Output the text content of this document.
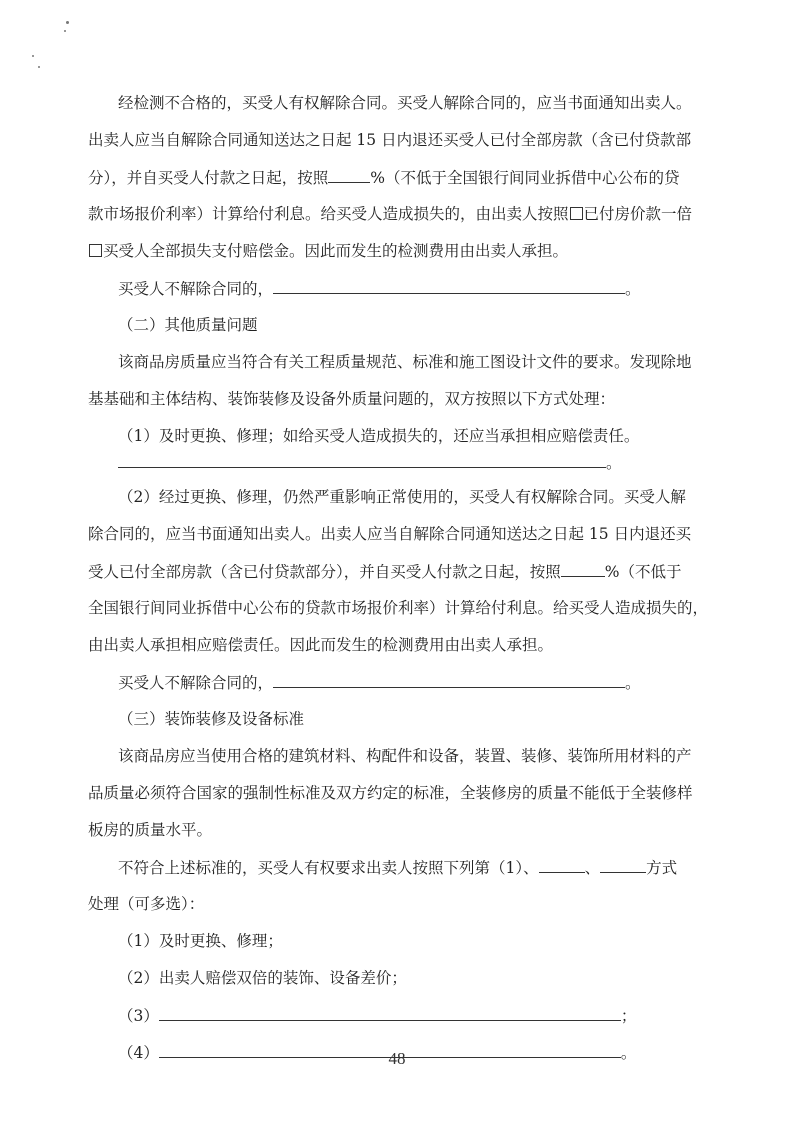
经检测不合格的，买受人有权解除合同。买受人解除合同的，应当书面通知出卖人。
出卖人应当自解除合同通知送达之日起 15 日内退还买受人已付全部房款（含已付贷款部
分），并自买受人付款之日起，按照	%（不低于全国银行间同业拆借中心公布的贷
款市场报价利率）计算给付利息。给买受人造成损失的，由出卖人按照 已付房价款一倍
买受人全部损失支付赔偿金。因此而发生的检测费用由出卖人承担。
买受人不解除合同的，	。
（二）其他质量问题
该商品房质量应当符合有关工程质量规范、标准和施工图设计文件的要求。发现除地
基基础和主体结构、装饰装修及设备外质量问题的，双方按照以下方式处理：
（1）及时更换、修理；如给买受人造成损失的，还应当承担相应赔偿责任。
。
（2）经过更换、修理，仍然严重影响正常使用的，买受人有权解除合同。买受人解
除合同的，应当书面通知出卖人。出卖人应当自解除合同通知送达之日起 15 日内退还买
受人已付全部房款（含已付贷款部分），并自买受人付款之日起，按照	%（不低于
全国银行间同业拆借中心公布的贷款市场报价利率）计算给付利息。给买受人造成损失的，
由出卖人承担相应赔偿责任。因此而发生的检测费用由出卖人承担。
买受人不解除合同的，	。
（三）装饰装修及设备标准
该商品房应当使用合格的建筑材料、构配件和设备，装置、装修、装饰所用材料的产
品质量必须符合国家的强制性标准及双方约定的标准，全装修房的质量不能低于全装修样
板房的质量水平。
不符合上述标准的，买受人有权要求出卖人按照下列第（1）、	、	方式
处理（可多选）：
（1）及时更换、修理；
（2）出卖人赔偿双倍的装饰、设备差价；
（3）	；
（4）	。
48
